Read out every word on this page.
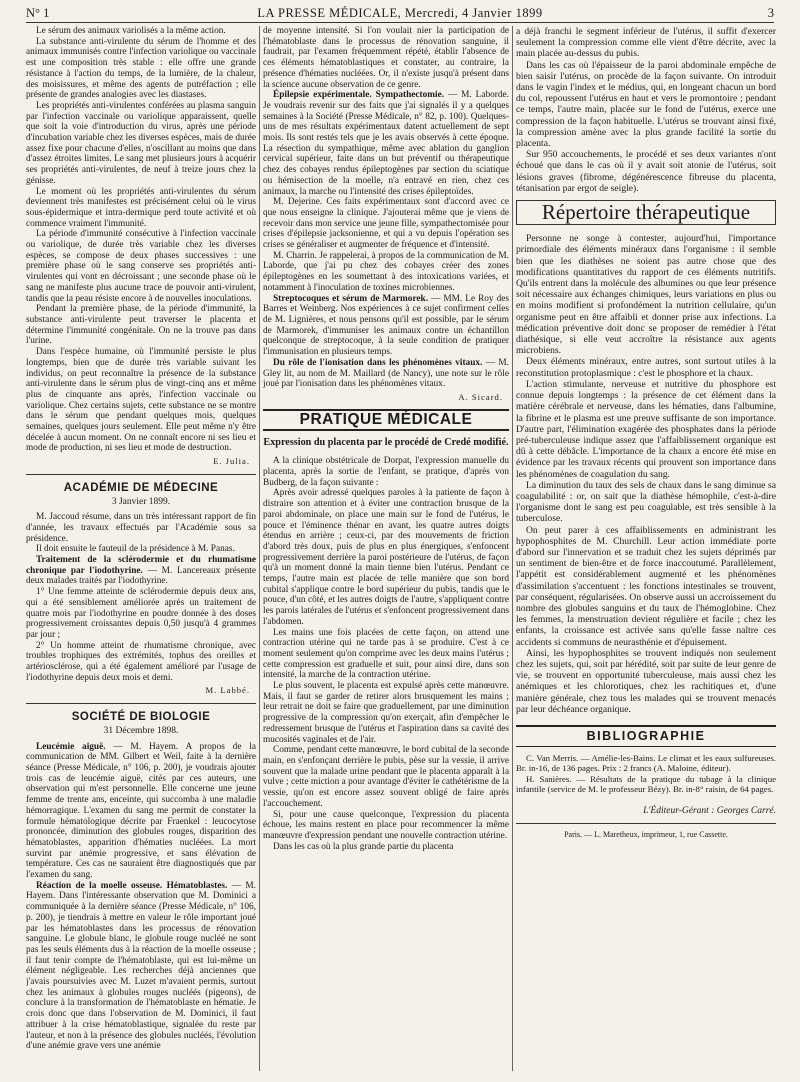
N° 1	LA PRESSE MÉDICALE, Mercredi, 4 Janvier 1899	3

Le sérum des animaux variolisés a la même action.

La substance anti-virulente du sérum de l'homme et des animaux immunisés contre l'infection variolique ou vaccinale est une composition très stable : elle offre une grande résistance à l'action du temps, de la lumière, de la chaleur, des moisissures, et même des agents de putréfaction ; elle présente de grandes analogies avec les diastases.

Les propriétés anti-virulentes conférées au plasma sanguin par l'infection vaccinale ou variolique apparaissent, quelle que soit la voie d'introduction du virus, après une période d'incubation variable chez les diverses espèces, mais de durée assez fixe pour chacune d'elles, n'oscillant au moins que dans d'assez étroites limites. Le sang met plusieurs jours à acquérir ses propriétés anti-virulentes, de neuf à treize jours chez la génisse.

Le moment où les propriétés anti-virulentes du sérum deviennent très manifestes est précisément celui où le virus sous-épidermique et intra-dermique perd toute activité et où commence vraiment l'immunité.

La période d'immunité consécutive à l'infection vaccinale ou variolique, de durée très variable chez les diverses espèces, se compose de deux phases successives : une première phase où le sang conserve ses propriétés anti-virulentes qui vont en décroissant ; une seconde phase où le sang ne manifeste plus aucune trace de pouvoir anti-virulent, tandis que la peau résiste encore à de nouvelles inoculations.

Pendant la première phase, de la période d'immunité, la substance anti-virulente peut traverser le placenta et détermine l'immunité congénitale. On ne la trouve pas dans l'urine.

Dans l'espèce humaine, où l'immunité persiste le plus longtemps, bien que de durée très variable suivant les individus, on peut reconnaître la présence de la substance anti-virulente dans le sérum plus de vingt-cinq ans et même plus de cinquante ans après, l'infection vaccinale ou variolique. Chez certains sujets, cette substance ne se montre dans le sérum que pendant quelques mois, quelques semaines, quelques jours seulement. Elle peut même n'y être décelée à aucun moment. On ne connaît encore ni ses lieu et mode de production, ni ses lieu et mode de destruction.

E. Julia.

ACADÉMIE DE MÉDECINE
3 Janvier 1899.

M. Jaccoud résume, dans un très intéressant rapport de fin d'année, les travaux effectués par l'Académie sous sa présidence.

Il doit ensuite le fauteuil de la présidence à M. Panas.

Traitement de la sclérodermie et du rhumatisme chronique par l'iodothyrine. — M. Lancereaux présente deux malades traités par l'iodothyrine.

1° Une femme atteinte de sclérodermie depuis deux ans, qui a été sensiblement améliorée après un traitement de quatre mois par l'iodothyrine en poudre donnée à des doses progressivement croissantes depuis 0,50 jusqu'à 4 grammes par jour ;

2° Un homme atteint de rhumatisme chronique, avec troubles trophiques des extrémités, tophus des oreilles et artériosclérose, qui a été également amélioré par l'usage de l'iodothyrine depuis deux mois et demi.

M. Labbé.

SOCIÉTÉ DE BIOLOGIE
31 Décembre 1898.

Leucémie aiguë. — M. Hayem. A propos de la communication de MM. Gilbert et Weil, faite à la dernière séance (Presse Médicale, n° 106, p. 200), je voudrais ajouter trois cas de leucémie aiguë, cités par ces auteurs, une observation qui m'est personnelle. Elle concerne une jeune femme de trente ans, enceinte, qui succomba à une maladie hémorragique. L'examen du sang me permit de constater la formule hématologique décrite par Fraenkel : leucocytose prononcée, diminution des globules rouges, disparition des hématoblastes, apparition d'hématies nucléées. La mort survint par anémie progressive, et sans élévation de température. Ces cas ne sauraient être diagnostiqués que par l'examen du sang.

Réaction de la moelle osseuse. Hématoblastes. — M. Hayem. Dans l'intéressante observation que M. Dominici a communiquée à la dernière séance (Presse Médicale, n° 106, p. 200), je tiendrais à mettre en valeur le rôle important joué par les hématoblastes dans les processus de rénovation sanguine. Le globule blanc, le globule rouge nucléé ne sont pas les seuls éléments dus à la réaction de la moelle osseuse ; il faut tenir compte de l'hématoblaste, qui est lui-même un élément négligeable. Les recherches déjà anciennes que j'avais poursuivies avec M. Luzet m'avaient permis, surtout chez les animaux à globules rouges nucléés (pigeons), de conclure à la transformation de l'hématoblaste en hématie. Je crois donc que dans l'observation de M. Dominici, il faut attribuer à la crise hématoblastique, signalée du reste par l'auteur, et non à la présence des globules nucléés, l'évolution d'une anémie grave vers une anémie

de moyenne intensité. Si l'on voulait nier la participation de l'hématoblaste dans le processus de rénovation sanguine, il faudrait, par l'examen fréquemment répété, établir l'absence de ces éléments hématoblastiques et constater, au contraire, la présence d'hématies nucléées. Or, il n'existe jusqu'à présent dans la science aucune observation de ce genre.

Épilepsie expérimentale. Sympathectomie. — M. Laborde. Je voudrais revenir sur des faits que j'ai signalés il y a quelques semaines à la Société (Presse Médicale, n° 82, p. 100). Quelques-uns de mes résultats expérimentaux datent actuellement de sept mois. Ils sont restés tels que je les avais observés à cette époque. La résection du sympathique, même avec ablation du ganglion cervical supérieur, faite dans un but préventif ou thérapeutique chez des cobayes rendus épileptogènes par section du sciatique ou hémisection de la moelle, n'a entravé en rien, chez ces animaux, la marche ou l'intensité des crises épileptoïdes.

M. Dejerine. Ces faits expérimentaux sont d'accord avec ce que nous enseigne la clinique. J'ajouterai même que je viens de recevoir dans mon service une jeune fille, sympathectomisée pour crises d'épilepsie jacksonienne, et qui a vu depuis l'opération ses crises se généraliser et augmenter de fréquence et d'intensité.

M. Charrin. Je rappelerai, à propos de la communication de M. Laborde, que j'ai pu chez des cobayes créer des zones épileptogènes en les soumettant à des intoxications variées, et notamment à l'inoculation de toxines microbiennes.

Streptocoques et sérum de Marmorek. — MM. Le Roy des Barres et Weinberg. Nos expériences à ce sujet confirment celles de M. Lignières, et nous pensons qu'il est possible, par le sérum de Marmorek, d'immuniser les animaux contre un échantillon quelconque de streptocoque, à la seule condition de pratiquer l'immunisation en plusieurs temps.

Du rôle de l'ionisation dans les phénomènes vitaux. — M. Gley lit, au nom de M. Maillard (de Nancy), une note sur le rôle joué par l'ionisation dans les phénomènes vitaux.

A. Sicard.

PRATIQUE MÉDICALE
Expression du placenta par le procédé de Credé modifié.

A la clinique obstétricale de Dorpat, l'expression manuelle du placenta, après la sortie de l'enfant, se pratique, d'après von Budberg, de la façon suivante :

Après avoir adressé quelques paroles à la patiente de façon à distraire son attention et à éviter une contraction brusque de la paroi abdominale, on place une main sur le fond de l'utérus, le pouce et l'éminence thénar en avant, les quatre autres doigts étendus en arrière ; ceux-ci, par des mouvements de friction d'abord très doux, puis de plus en plus énergiques, s'enfoncent progressivement derrière la paroi postérieure de l'utérus, de façon qu'à un moment donné la main tienne bien l'utérus. Pendant ce temps, l'autre main est placée de telle manière que son bord cubital s'applique contre le bord supérieur du pubis, tandis que le pouce, d'un côté, et les autres doigts de l'autre, s'appliquent contre les parois latérales de l'utérus et s'enfoncent progressivement dans l'abdomen.

Les mains une fois placées de cette façon, on attend une contraction utérine qui ne tarde pas à se produire. C'est à ce moment seulement qu'on comprime avec les deux mains l'utérus ; cette compression est graduelle et suit, pour ainsi dire, dans son intensité, la marche de la contraction utérine.

Le plus souvent, le placenta est expulsé après cette manœuvre. Mais, il faut se garder de retirer alors brusquement les mains ; leur retrait ne doit se faire que graduellement, par une diminution progressive de la compression qu'on exerçait, afin d'empêcher le redressement brusque de l'utérus et l'aspiration dans sa cavité des mucosités vaginales et de l'air.

Comme, pendant cette manœuvre, le bord cubital de la seconde main, en s'enfonçant derrière le pubis, pèse sur la vessie, il arrive souvent que la malade urine pendant que le placenta apparaît à la vulve ; cette miction a pour avantage d'éviter le cathétérisme de la vessie, qu'on est encore assez souvent obligé de faire après l'accouchement.

Si, pour une cause quelconque, l'expression du placenta échoue, les mains restent en place pour recommencer la même manœuvre d'expression pendant une nouvelle contraction utérine.

Dans les cas où la plus grande partie du placenta

a déjà franchi le segment inférieur de l'utérus, il suffit d'exercer seulement la compression comme elle vient d'être décrite, avec la main placée au-dessus du pubis.

Dans les cas où l'épaisseur de la paroi abdominale empêche de bien saisir l'utérus, on procède de la façon suivante. On introduit dans le vagin l'index et le médius, qui, en longeant chacun un bord du col, repoussent l'utérus en haut et vers le promontoire ; pendant ce temps, l'autre main, placée sur le fond de l'utérus, exerce une compression de la façon habituelle. L'utérus se trouvant ainsi fixé, la compression amène avec la plus grande facilité la sortie du placenta.

Sur 950 accouchements, le procédé et ses deux variantes n'ont échoué que dans le cas où il y avait soit atonie de l'utérus, soit lésions graves (fibrome, dégénérescence fibreuse du placenta, tétanisation par ergot de seigle).

Répertoire thérapeutique

Personne ne songe à contester, aujourd'hui, l'importance primordiale des éléments minéraux dans l'organisme : il semble bien que les diathèses ne soient pas autre chose que des modifications quantitatives du rapport de ces éléments nutritifs. Qu'ils entrent dans la molécule des albumines ou que leur présence soit nécessaire aux échanges chimiques, leurs variations en plus ou en moins modifient si profondément la nutrition cellulaire, qu'un organisme peut en être affaibli et donner prise aux infections. La médication préventive doit donc se proposer de remédier à l'état diathésique, si elle veut accroître la résistance aux agents microbiens.

Deux éléments minéraux, entre autres, sont surtout utiles à la reconstitution protoplasmique : c'est le phosphore et la chaux.

L'action stimulante, nerveuse et nutritive du phosphore est connue depuis longtemps : la présence de cet élément dans la matière cérébrale et nerveuse, dans les hématies, dans l'albumine, la fibrine et le plasma est une preuve suffisante de son importance. D'autre part, l'élimination exagérée des phosphates dans la période pré-tuberculeuse indique assez que l'affaiblissement organique est dû à cette débâcle. L'importance de la chaux a encore été mise en évidence par les travaux récents qui prouvent son importance dans les phénomènes de coagulation du sang.

La diminution du taux des sels de chaux dans le sang diminue sa coagulabilité : or, on sait que la diathèse hémophile, c'est-à-dire l'organisme dont le sang est peu coagulable, est très sensible à la tuberculose.

On peut parer à ces affaiblissements en administrant les hypophosphites de M. Churchill. Leur action immédiate porte d'abord sur l'innervation et se traduit chez les sujets déprimés par un sentiment de bien-être et de force inaccoutumé. Parallèlement, l'appétit est considérablement augmenté et les phénomènes d'assimilation s'accentuent : les fonctions intestinales se trouvent, par conséquent, régularisées. On observe aussi un accroissement du nombre des globules sanguins et du taux de l'hémoglobine. Chez les femmes, la menstruation devient régulière et facile ; chez les enfants, la croissance est activée sans qu'elle fasse naître ces accidents si communs de neurasthénie et d'épuisement.

Ainsi, les hypophosphites se trouvent indiqués non seulement chez les sujets, qui, soit par hérédité, soit par suite de leur genre de vie, se trouvent en opportunité tuberculeuse, mais aussi chez les anémiques et les chlorotiques, chez les rachitiques et, d'une manière générale, chez tous les malades qui se trouvent menacés par leur déchéance organique.

BIBLIOGRAPHIE

C. Van Merris. — Amélie-les-Bains. Le climat et les eaux sulfureuses. Br. in-16, de 136 pages. Prix : 2 francs (A. Maloine, éditeur).

H. Sanières. — Résultats de la pratique du tubage à la clinique infantile (service de M. le professeur Bézy). Br. in-8° raisin, de 64 pages.

L'Éditeur-Gérant : Georges Carré.

Paris. — L. Maretheux, imprimeur, 1, rue Cassette.
